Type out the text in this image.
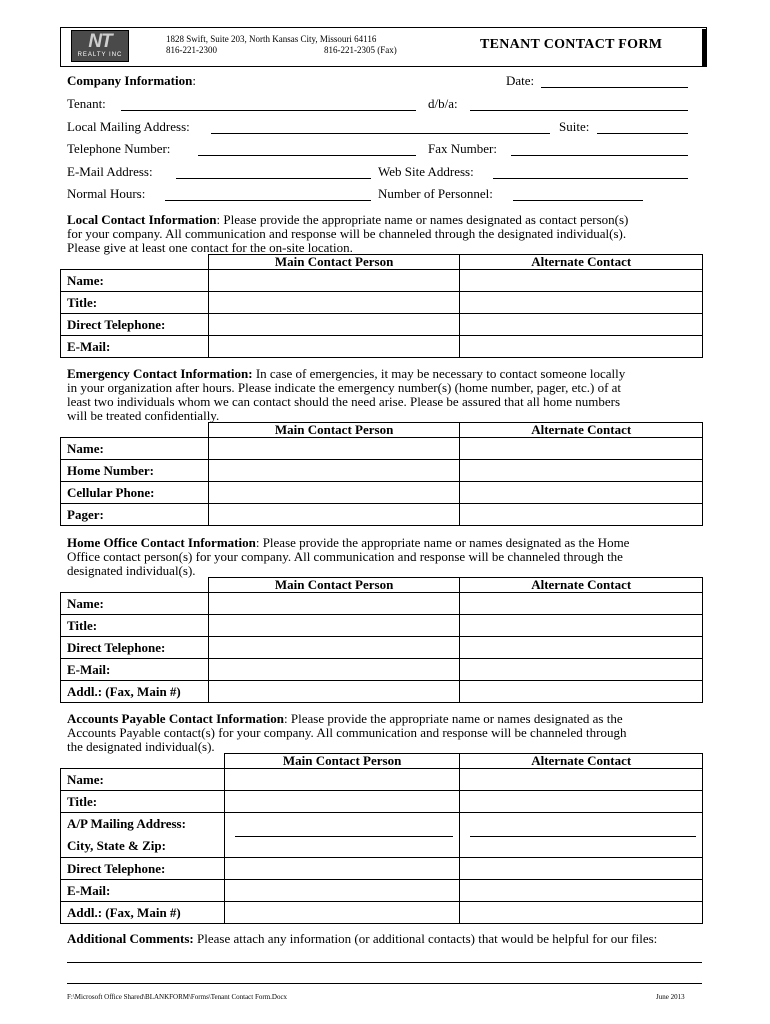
NT
REALTY INC
1828 Swift, Suite 203, North Kansas City, Missouri 64116
816-221-2300	816-221-2305 (Fax)	TENANT CONTACT FORM
Company Information:	Date:
Tenant:	d/b/a:
Local Mailing Address:	Suite:
Telephone Number:	Fax Number:
E-Mail Address:	Web Site Address:
Normal Hours:	Number of Personnel:
Local Contact Information: Please provide the appropriate name or names designated as contact person(s)
for your company. All communication and response will be channeled through the designated individual(s).
Please give at least one contact for the on-site location.
	Main Contact Person	Alternate Contact
Name:		
Title:		
Direct Telephone:		
E-Mail:		
Emergency Contact Information: In case of emergencies, it may be necessary to contact someone locally
in your organization after hours. Please indicate the emergency number(s) (home number, pager, etc.) of at
least two individuals whom we can contact should the need arise. Please be assured that all home numbers
will be treated confidentially.
	Main Contact Person	Alternate Contact
Name:		
Home Number:		
Cellular Phone:		
Pager:		
Home Office Contact Information: Please provide the appropriate name or names designated as the Home
Office contact person(s) for your company. All communication and response will be channeled through the
designated individual(s).
	Main Contact Person	Alternate Contact
Name:		
Title:		
Direct Telephone:		
E-Mail:		
Addl.: (Fax, Main #)		
Accounts Payable Contact Information: Please provide the appropriate name or names designated as the
Accounts Payable contact(s) for your company. All communication and response will be channeled through
the designated individual(s).
	Main Contact Person	Alternate Contact
Name:		
Title:		

A/P Mailing Address:
City, State & Zip:		

Direct Telephone:		
E-Mail:		
Addl.: (Fax, Main #)		
Additional Comments: Please attach any information (or additional contacts) that would be helpful for our files:
F:\Microsoft Office Shared\BLANKFORM\Forms\Tenant Contact Form.Docx	June 2013
